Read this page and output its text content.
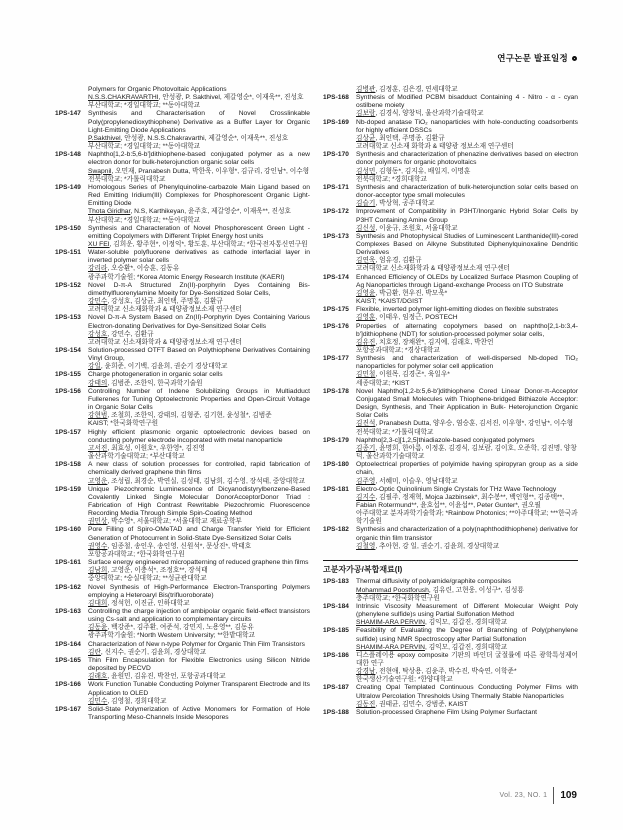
연구논문 발표일정
Polymers for Organic Photovoltaic Applications
N.S.S.CHAKRAVARTHI, 안성광, P. Sakthivel, 제갈영순*, 이재욱**, 진성호
부산대학교; *경일대학교; **동아대학교
1PS-147	Synthesis and Characterisation of Novel Crosslinkable Poly(propylenedioxythiophene) Derivative as a Buffer Layer for Organic Light-Emitting Diode Applications
P.Sakthivel, 안성광, N.S.S.Chakravarthi, 제갈영순*, 이재욱**, 진성호
부산대학교; *경일대학교; **동아대학교
1PS-148	Naphtho[1,2-b:5,6-b']dithiophene-based conjugated polymer as a new electron donor for bulk-heterojunction organic solar cells
Swapnil, 오민재, Pranabesh Dutta, 박한욱, 이우형*, 김규리, 강인남*, 이수형
전북대학교; *가톨릭대학교
1PS-149	Homologous Series of Phenylquinoline-carbazole Main Ligand based on Red Emitting Iridium(III) Complexes for Phosphorescent Organic Light-Emitting Diode
Thota Giridhar, N.S, Karthikeyan, 윤주호, 제갈영순*, 이재욱**, 진성호
부산대학교; *경일대학교; **동아대학교
1PS-150	Synthesis and Characteration of Novel Phosphorescent Green Light - emitting Copolymers with Different Triplet Energy host units
XU FEI, 김희운, 황주현*, 이정익*, 황도훈, 부산대학교; *한국전자통신연구원
1PS-151	Water-soluble polyfluorene derivatives as cathode interfacial layer in inverted polymer solar cells
강리라, 오승환*, 이승훈, 김동유
광주과학기술원; *Korea Atomic Energy Research Institute (KAERI)
1PS-152	Novel D-π-A Structured Zn(II)-porphyrin Dyes Containing Bis-dimethylfluorenylamine Moeity for Dye-Sensitized Solar Cells,
강민수, 강성호, 김상균, 최인택, 주명흠, 김환규
고려대학교 신소재화학과 & 태양광정보소재 연구센터
1PS-153	Novel D-π-A System Based on Zn(II)-Porphyrin Dyes Containing Various Electron-donating Derivatives for Dye-Sensitized Solar Cells
강성호, 강민수, 김환규
고려대학교 신소재화학과 & 태양광정보소재 연구센터
1PS-154	Solution-processed OTFT Based on Polythiophene Derivatives Containing Vinyl Group,
강일, 윤희준, 이기백, 김윤희, 권순기 경상대학교
1PS-155	Charge photogeneration in organic solar cells
강태의, 김범준, 조한익, 한국과학기술원
1PS-156	Controlling Number of Indene Solubilizing Groups in Multiadduct Fullerenes for Tuning Optoelectronic Properties and Open-Circuit Voltage in Organic Solar Cells
강현범, 조철희, 조한익, 강태의, 김형준, 김기현, 윤성철*, 김범준
KAIST; *한국화학연구원
1PS-157	Highly efficient plasmonic organic optoelectronic devices based on conducting polymer electrode incoporated with metal nanoparticle
고서진, 최효성, 이원호*, 우한영*, 김진영
울산과학기술대학교; *부산대학교
1PS-158	A new class of solution processes for controlled, rapid fabrication of chemically derived graphene thin films
고영운, 조성립, 최경순, 박연실, 김성태, 김남희, 김수영, 장석태, 중앙대학교
1PS-159	Unique Piezochromic Luminescence of Dicyanodistyrylbenzene-Based Covalently Linked Single Molecular DonorAcceptorDonor Triad : Fabrication of High Contrast Rewritable Piezochromic Fluorescence Recording Media Through Simple Spin-Coating Method
권민상, 박수영*, 서울대학교; *서울대학교 재료공학부
1PS-160	Pore Filling of Spiro-OMeTAD and Charge Transfer Yield for Efficient Generation of Photocurrent in Solid-State Dye-Sensitized Solar Cells
권영수, 임종철, 송인우, 송인영, 신원석*, 문상진*, 박태호
포항공과대학교; *한국화학연구원
1PS-161	Surface energy engineered micropatterning of reduced graphene thin films
김남희, 고영운, 이충석*, 조정호**, 장석태
중앙대학교; *숭실대학교; **성균관대학교
1PS-162	Novel Synthesis of High-Performance Electron-Transporting Polymers employing a Heteroaryl Bis(trifluoroborate)
김대희, 정석헌, 이진균, 인하대학교
1PS-163	Controlling the charge injection of ambipolar organic field-effect transistors using Cs-salt and application to complementary circuits
김동윤, 백강준*, 김주환, 여준석, 강민지, 노용영**, 김동유
광주과학기술원; *North Western University; **한밭대학교
1PS-164	Characterization of New n-type Polymer for Organic Thin Film Transistors
김란, 신지수, 권순기, 김윤희, 경상대학교
1PS-165	Thin Film Encapsulation for Flexible Electronics using Silicon Nitride deposited by PECVD
김래호, 윤원민, 김유진, 박찬언, 포항공과대학교
1PS-166	Work Function Tunable Conducting Polymer Transparent Electrode and Its Application to OLED
김민수, 김영철, 경희대학교
1PS-167	Solid-State Polymerization of Active Monomers for Formation of Hole Transporting Meso-Channels Inside Mesopores
김병관, 김정훈, 김은경, 연세대학교
1PS-168	Synthesis of Modified PCBM bisadduct Containing 4 - Nitro - α - cyan ostilbene moiety
김보람, 김경식, 양창덕, 울산과학기술대학교
1PS-169	Nb-doped anatase TiO₂ nanoparticles with hole-conducting coadsorbents for highly efficient DSSCs
김상균, 최인택, 주명종, 김환규
고려대학교 신소재 화학과 & 태양광 정보소재 연구센터
1PS-170	Synthesis and characterization of phenazine derivatives based on electron donor polymers for organic photovoltaics
김성민, 김형동*, 김지유, 배일지, 이명훈
전북대학교; *경희대학교
1PS-171	Synthesis and characterization of bulk-heterojunction solar cells based on donor-acceptor type small molecules
김슬기, 박상혁, 공주대학교
1PS-172	Improvement of Compatibility in P3HT/Inorganic Hybrid Solar Cells by P3HT Containing Amine Group
김신성, 이윤규, 조원호, 서울대학교
1PS-173	Synthesis and Photophysical Studies of Luminescent Lanthanide(III)-cored Complexes Based on Alkyne Substituted Diphenylquinoxaline Dendritic Derivatives
김연욱, 엄유경, 김환규
고려대학교 신소재화학과 & 태양광정보소재 연구센터
1PS-174	Enhanced Efficiency of OLEDs by Localized Surface Plasmon Coupling of Ag Nanoparticles through Ligand-exchange Process on ITO Substrate
김영윤, 박금환, 현우진, 박모욱*
KAIST; *KAIST/DGIST
1PS-175	Flexible, inverted polymer light-emitting diodes on flexible substrates
김영훈, 이태우, 임정근, POSTECH
1PS-176	Properties of alternating copolymers based on naphtho[2,1-b:3,4-b']dithiophene (NDT) for solution-processed polymer solar cells,
김유진, 치호정, 장채완*, 김지예, 김래호, 박찬언
포항공과대학교; *경상대학교
1PS-177	Synthesis and characterization of well-dispersed Nb-doped TiO₂ nanoparticles for polymer solar cell application
김민철, 이원목, 김경곤*, 육일우*
세종대학교; *KIST
1PS-178	Novel Naphtho[1,2-b:5,6-b']dithiophene Cored Linear Donor-π-Acceptor Conjugated Small Molecules with Thiophene-bridged Bithiazole Acceptor: Design, Synthesis, and Their Application in Bulk- Heterojunction Organic Solar Cells
김진석, Pranabesh Dutta, 양우승, 염승훈, 김서진, 이우형*, 강인남*, 이수형
전북대학교; *가톨릭대학교
1PS-179	Naphtho[2,3-c][1,2,5]thiadiazole-based conjugated polymers
김종기, 윤명희, 한아름, 이정훈, 김경식, 김보람, 김이호, 오준학, 김진명, 양창덕, 울산과학기술대학교
1PS-180	Optoelectrical properties of polyimide having spiropyran group as a side chain,
김주영, 서혜미, 이슬우, 영남대학교
1PS-181	Electro-Optic Quinolinium Single Crystals for THz Wave Technology
김지수, 김필주, 정재혁, Mojca Jazbinsek*, 최수봉**, 백인형**, 김종택**, Fabian Rotermund**, 윤호섭**, 이윤섭**, Peter Gunter*, 권오필
아주대학교 분자과학기술학과; *Rainbow Photonics; **아주대학교; ***한국과학기술원
1PS-182	Synthesis and characterization of a poly(naphthodithiophene) derivative for organic thin film transistor
김철영, 추아현, 강 일, 권순기, 김윤희, 경상대학교
고분자가공/복합재료(I)
1PS-183	Thermal diffusivity of polyamide/graphite composites
Mohammad Poostforush, 김유린, 고현웅, 이성구*, 김성룡
충주대학교; *한국화학연구원
1PS-184	Intrinsic Viscosity Measurement of Different Molecular Weight Poly (phenylene sulfide)s using Partial Sulfonation Method
SHAMIM-ARA PERVIN, 김익모, 김갑진, 경희대학교
1PS-185	Feasibility of Evaluating the Degree of Branching of Poly(phenylene sulfide) using NMR Spectroscopy after Partial Sulfonation
SHAMIM-ARA PERVIN, 김익모, 김갑진, 경희대학교
1PS-186	디스플레이용 epoxy composite 기판의 바인더 굴절률에 따른 광학특성제어 대한 연구
강경남, 전현애, 탁상용, 김윤주, 박수진, 박숙연, 이학준*
한국생산기술연구원; *한양대학교
1PS-187	Creating Opal Templated Continuous Conducting Polymer Films with Ultralow Percolation Thresholds Using Thermally Stable Nanoparticles
김동진, 권태균, 김민수, 강범준, KAIST
1PS-188	Solution-processed Graphene Film Using Polymer Surfactant
Vol. 23, NO. 1 109
